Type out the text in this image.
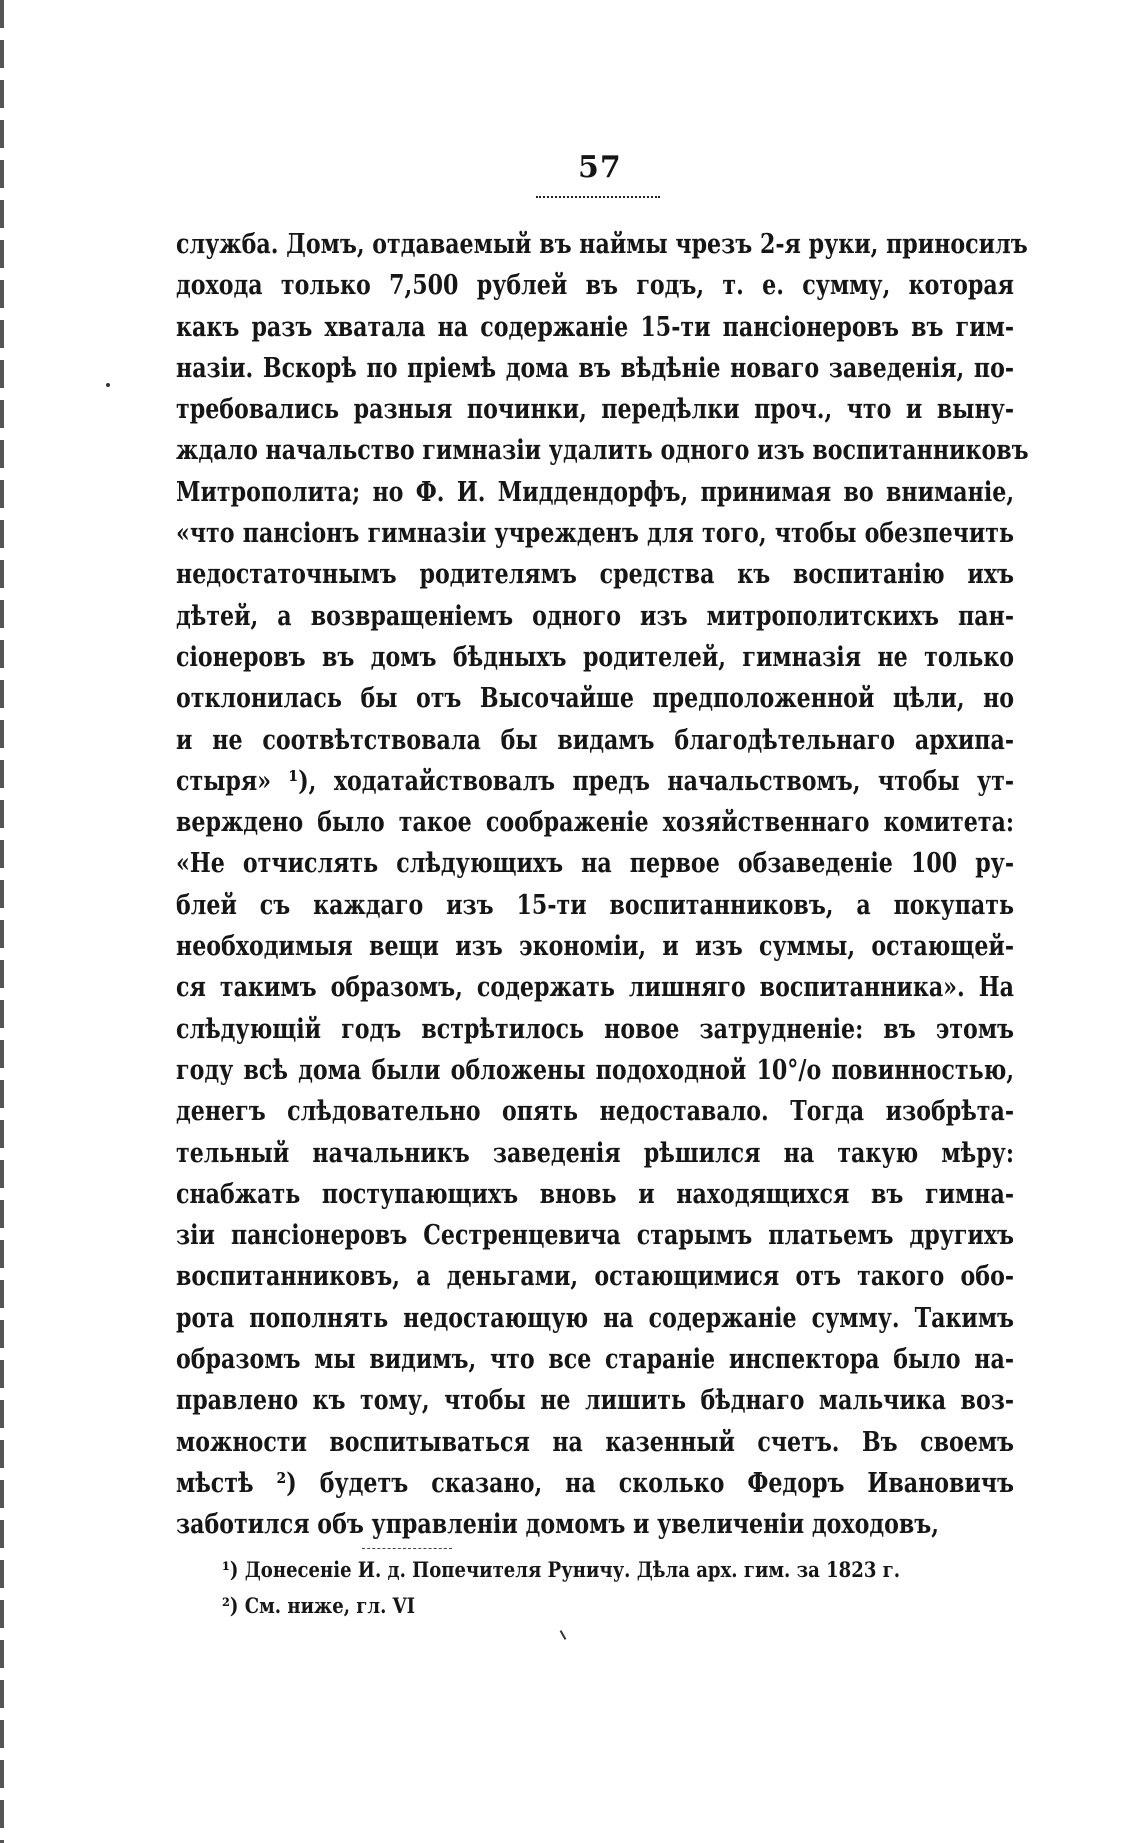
57
служба. Домъ, отдаваемый въ наймы чрезъ 2-я руки, приносилъ
дохода только 7,500 рублей въ годъ, т. е. сумму, которая
какъ разъ хватала на содержаніе 15-ти пансіонеровъ въ гим-
назіи. Вскорѣ по пріемѣ дома въ вѣдѣніе новаго заведенія, по-
требовались разныя починки, передѣлки проч., что и выну-
ждало начальство гимназіи удалить одного изъ воспитанниковъ
Митрополита; но Ф. И. Миддендорфъ, принимая во вниманіе,
«что пансіонъ гимназіи учрежденъ для того, чтобы обезпечить
недостаточнымъ родителямъ средства къ воспитанію ихъ
дѣтей, а возвращеніемъ одного изъ митрополитскихъ пан-
сіонеровъ въ домъ бѣдныхъ родителей, гимназія не только
отклонилась бы отъ Высочайше предположенной цѣли, но
и не соотвѣтствовала бы видамъ благодѣтельнаго архипа-
стыря» ¹), ходатайствовалъ предъ начальствомъ, чтобы ут-
верждено было такое соображеніе хозяйственнаго комитета:
«Не отчислять слѣдующихъ на первое обзаведеніе 100 ру-
блей съ каждаго изъ 15-ти воспитанниковъ, а покупать
необходимыя вещи изъ экономіи, и изъ суммы, остающей-
ся такимъ образомъ, содержать лишняго воспитанника». На
слѣдующій годъ встрѣтилось новое затрудненіе: въ этомъ
году всѣ дома были обложены подоходной 10°/о повинностью,
денегъ слѣдовательно опять недоставало. Тогда изобрѣта-
тельный начальникъ заведенія рѣшился на такую мѣру:
снабжать поступающихъ вновь и находящихся въ гимна-
зіи пансіонеровъ Сестренцевича старымъ платьемъ другихъ
воспитанниковъ, а деньгами, остающимися отъ такого обо-
рота пополнять недостающую на содержаніе сумму. Такимъ
образомъ мы видимъ, что все стараніе инспектора было на-
правлено къ тому, чтобы не лишить бѣднаго мальчика воз-
можности воспитываться на казенный счетъ. Въ своемъ
мѣстѣ ²) будетъ сказано, на сколько Федоръ Ивановичъ
заботился объ управленіи домомъ и увеличеніи доходовъ,
¹) Донесеніе И. д. Попечителя Руничу. Дѣла арх. гим. за 1823 г.
²) См. ниже, гл. VI
